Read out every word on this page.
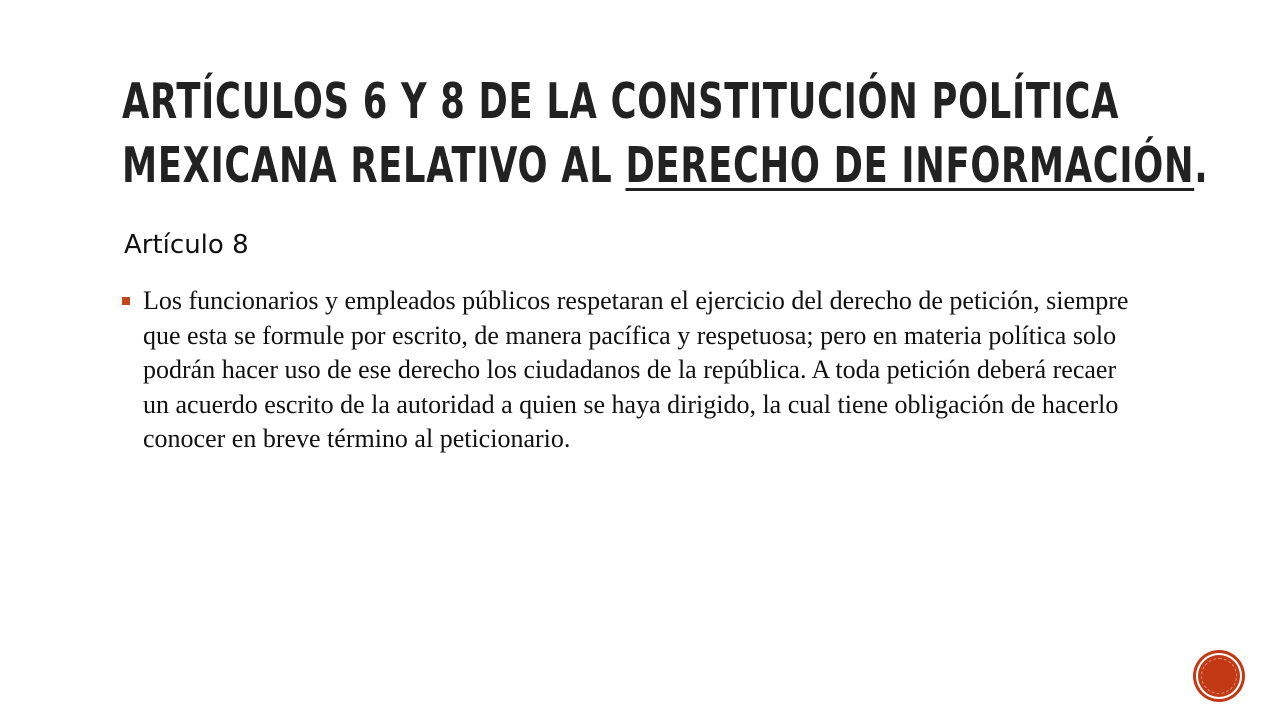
ARTÍCULOS 6 Y 8 DE LA CONSTITUCIÓN POLÍTICA
MEXICANA RELATIVO AL DERECHO DE INFORMACIÓN.
Artículo 8
Los funcionarios y empleados públicos respetaran el ejercicio del derecho de petición, siempre que esta se formule por escrito, de manera pacífica y respetuosa; pero en materia política solo podrán hacer uso de ese derecho los ciudadanos de la república. A toda petición deberá recaer un acuerdo escrito de la autoridad a quien se haya dirigido, la cual tiene obligación de hacerlo conocer en breve término al peticionario.
